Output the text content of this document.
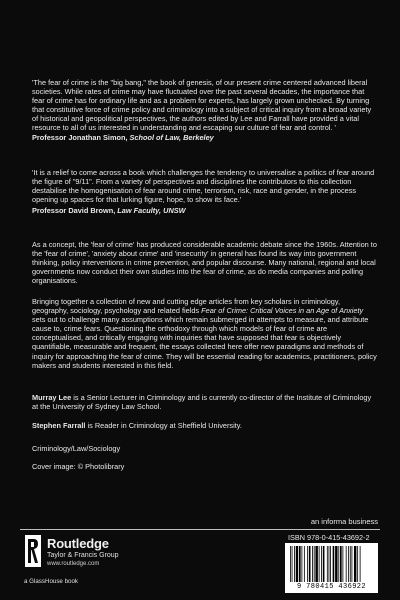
'The fear of crime is the "big bang," the book of genesis, of our present crime centered advanced liberal societies. While rates of crime may have fluctuated over the past several decades, the importance that fear of crime has for ordinary life and as a problem for experts, has largely grown unchecked. By turning that constitutive force of crime policy and criminology into a subject of critical inquiry from a broad variety of historical and geopolitical perspectives, the authors edited by Lee and Farrall have provided a vital resource to all of us interested in understanding and escaping our culture of fear and control. '

Professor Jonathan Simon, School of Law, Berkeley

'It is a relief to come across a book which challenges the tendency to universalise a politics of fear around the figure of "9/11". From a variety of perspectives and disciplines the contributors to this collection destabilise the homogenisation of fear around crime, terrorism, risk, race and gender, in the process opening up spaces for that lurking figure, hope, to show its face.'

Professor David Brown, Law Faculty, UNSW

As a concept, the 'fear of crime' has produced considerable academic debate since the 1960s. Attention to the 'fear of crime', 'anxiety about crime' and 'insecurity' in general has found its way into government thinking, policy interventions in crime prevention, and popular discourse. Many national, regional and local governments now conduct their own studies into the fear of crime, as do media companies and polling organisations.

Bringing together a collection of new and cutting edge articles from key scholars in criminology, geography, sociology, psychology and related fields Fear of Crime: Critical Voices in an Age of Anxiety sets out to challenge many assumptions which remain submerged in attempts to measure, and attribute cause to, crime fears. Questioning the orthodoxy through which models of fear of crime are conceptualised, and critically engaging with inquiries that have supposed that fear is objectively quantifiable, measurable and frequent, the essays collected here offer new paradigms and methods of inquiry for approaching the fear of crime. They will be essential reading for academics, practitioners, policy makers and students interested in this field.

Murray Lee is a Senior Lecturer in Criminology and is currently co-director of the Institute of Criminology at the University of Sydney Law School.

Stephen Farrall is Reader in Criminology at Sheffield University.

Criminology/Law/Sociology

Cover image: © Photolibrary

an informa business
Routledge
Taylor & Francis Group
www.routledge.com
a GlassHouse book
ISBN 978-0-415-43692-2
9 780415 436922
